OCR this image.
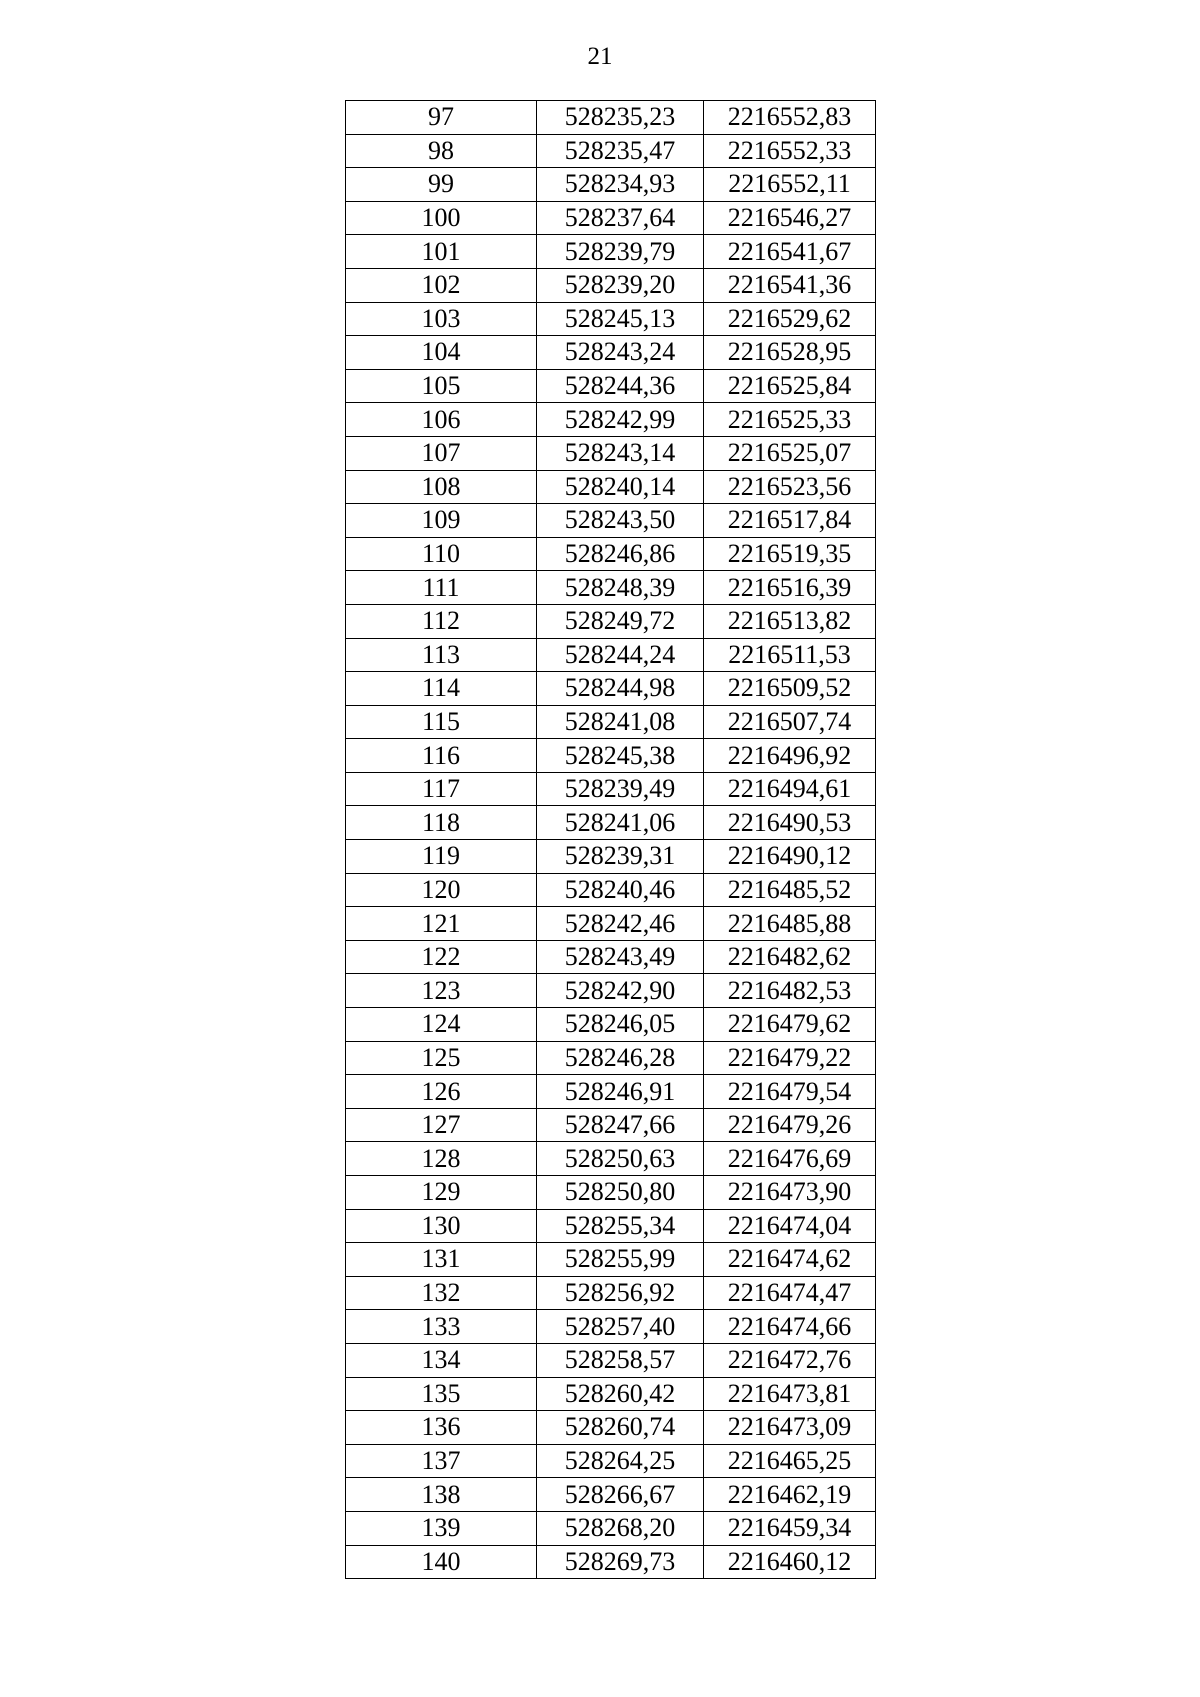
21
97	528235,23	2216552,83
98	528235,47	2216552,33
99	528234,93	2216552,11
100	528237,64	2216546,27
101	528239,79	2216541,67
102	528239,20	2216541,36
103	528245,13	2216529,62
104	528243,24	2216528,95
105	528244,36	2216525,84
106	528242,99	2216525,33
107	528243,14	2216525,07
108	528240,14	2216523,56
109	528243,50	2216517,84
110	528246,86	2216519,35
111	528248,39	2216516,39
112	528249,72	2216513,82
113	528244,24	2216511,53
114	528244,98	2216509,52
115	528241,08	2216507,74
116	528245,38	2216496,92
117	528239,49	2216494,61
118	528241,06	2216490,53
119	528239,31	2216490,12
120	528240,46	2216485,52
121	528242,46	2216485,88
122	528243,49	2216482,62
123	528242,90	2216482,53
124	528246,05	2216479,62
125	528246,28	2216479,22
126	528246,91	2216479,54
127	528247,66	2216479,26
128	528250,63	2216476,69
129	528250,80	2216473,90
130	528255,34	2216474,04
131	528255,99	2216474,62
132	528256,92	2216474,47
133	528257,40	2216474,66
134	528258,57	2216472,76
135	528260,42	2216473,81
136	528260,74	2216473,09
137	528264,25	2216465,25
138	528266,67	2216462,19
139	528268,20	2216459,34
140	528269,73	2216460,12
